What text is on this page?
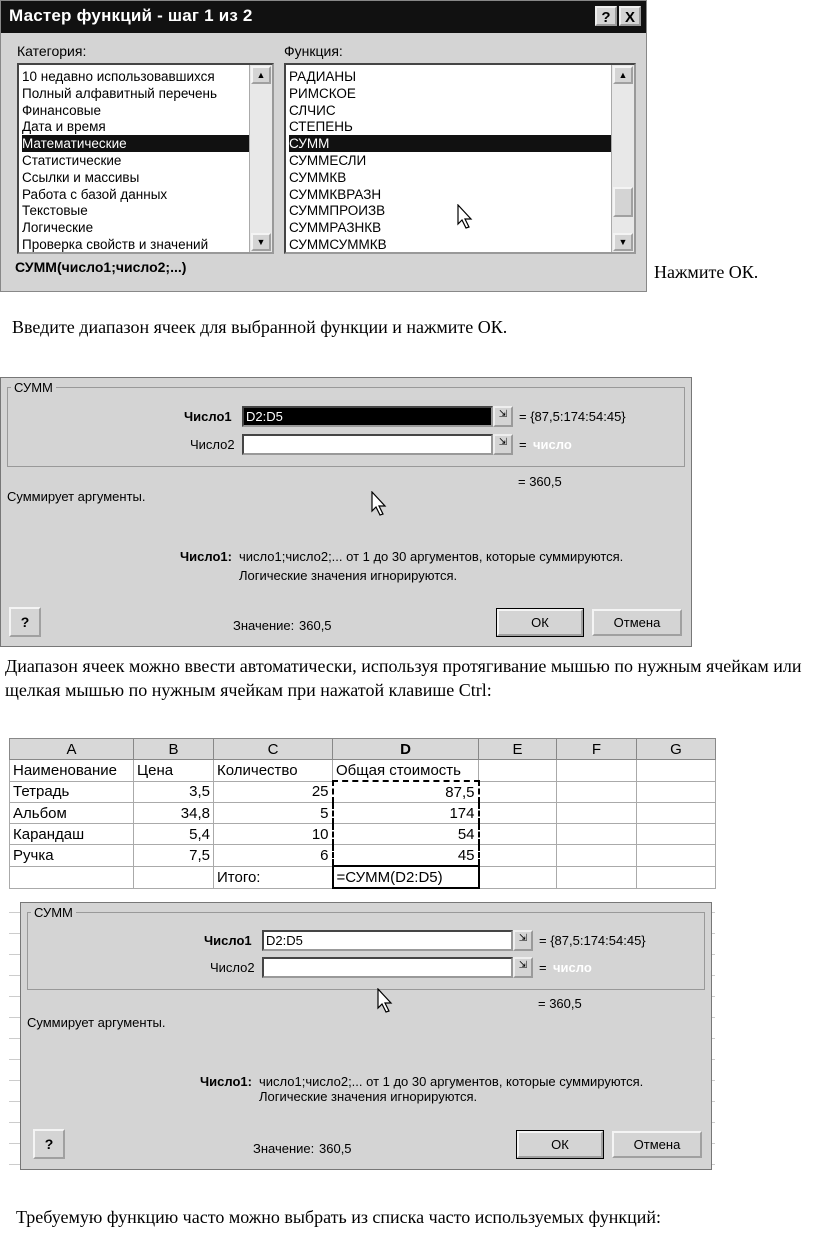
Мастер функций - шаг 1 из 2	? X
Категория:	Функция:
10 недавно использовавшихся
Полный алфавитный перечень
Финансовые
Дата и время
Математические
Статистические
Ссылки и массивы
Работа с базой данных
Текстовые
Логические
Проверка свойств и значений
▲
▼
РАДИАНЫ
РИМСКОЕ
СЛЧИС
СТЕПЕНЬ
СУММ
СУММЕСЛИ
СУММКВ
СУММКВРАЗН
СУММПРОИЗВ
СУММРАЗНКВ
СУММСУММКВ
▲
▼
СУММ(число1;число2;...)	Нажмите ОК.
Введите диапазон ячеек для выбранной функции и нажмите ОК.
СУММ
Число1	D2:D5	⇲ = {87,5:174:54:45}
Число2	⇲ = число
= 360,5
Суммирует аргументы.
Число1: число1;число2;... от 1 до 30 аргументов, которые суммируются.
Логические значения игнорируются.
?	Значение: 360,5	ОК	Отмена
Диапазон ячеек можно ввести автоматически, используя протягивание мышью по нужным ячейкам или щелкая мышью по нужным ячейкам при нажатой клавише Ctrl:
A	B	C	D	E	F	G
Наименование	Цена	Количество	Общая стоимость			
Тетрадь	3,5	25	87,5			
Альбом	34,8	5	174			
Карандаш	5,4	10	54			
Ручка	7,5	6	45			
		Итого:	=СУММ(D2:D5)			
СУММ
Число1	D2:D5	⇲ = {87,5:174:54:45}
Число2	⇲ = число
= 360,5
Суммирует аргументы.
Число1: число1;число2;... от 1 до 30 аргументов, которые суммируются.
Логические значения игнорируются.
?	Значение: 360,5	ОК	Отмена
Требуемую функцию часто можно выбрать из списка часто используемых функций:
